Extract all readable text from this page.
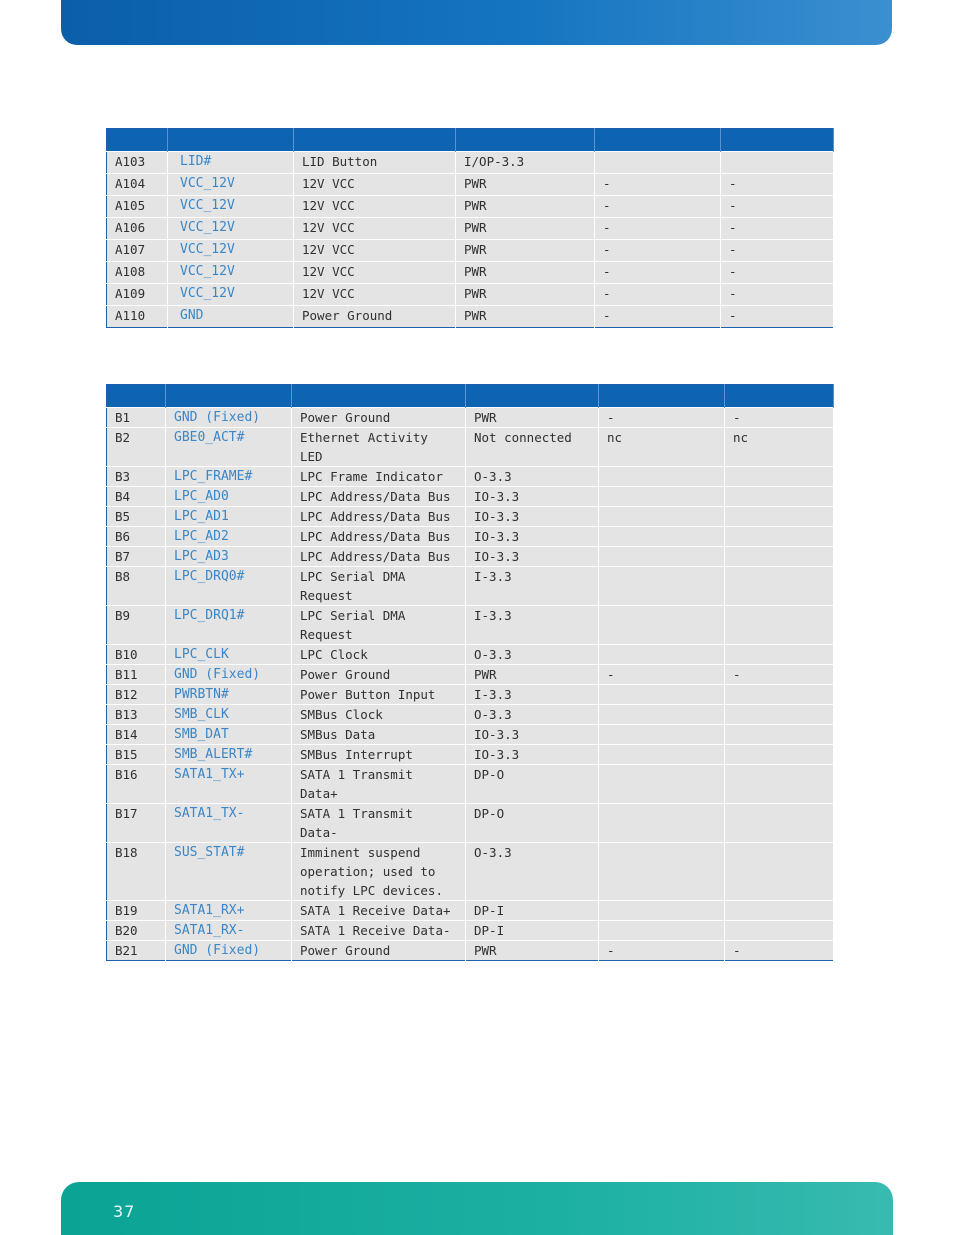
A103	LID#	LID Button	I/OP-3.3		
A104	VCC_12V	12V VCC	PWR	-	-
A105	VCC_12V	12V VCC	PWR	-	-
A106	VCC_12V	12V VCC	PWR	-	-
A107	VCC_12V	12V VCC	PWR	-	-
A108	VCC_12V	12V VCC	PWR	-	-
A109	VCC_12V	12V VCC	PWR	-	-
A110	GND	Power Ground	PWR	-	-

B1	GND (Fixed)	Power Ground	PWR	-	-
B2	GBE0_ACT#	Ethernet Activity LED	Not connected	nc	nc
B3	LPC_FRAME#	LPC Frame Indicator	O-3.3		
B4	LPC_AD0	LPC Address/Data Bus	IO-3.3		
B5	LPC_AD1	LPC Address/Data Bus	IO-3.3		
B6	LPC_AD2	LPC Address/Data Bus	IO-3.3		
B7	LPC_AD3	LPC Address/Data Bus	IO-3.3		
B8	LPC_DRQ0#	LPC Serial DMA Request	I-3.3		
B9	LPC_DRQ1#	LPC Serial DMA Request	I-3.3		
B10	LPC_CLK	LPC Clock	O-3.3		
B11	GND (Fixed)	Power Ground	PWR	-	-
B12	PWRBTN#	Power Button Input	I-3.3		
B13	SMB_CLK	SMBus Clock	O-3.3		
B14	SMB_DAT	SMBus Data	IO-3.3		
B15	SMB_ALERT#	SMBus Interrupt	IO-3.3		
B16	SATA1_TX+	SATA 1 Transmit Data+	DP-O		
B17	SATA1_TX-	SATA 1 Transmit Data-	DP-O		
B18	SUS_STAT#	Imminent suspend operation; used to notify LPC devices.	O-3.3		
B19	SATA1_RX+	SATA 1 Receive Data+	DP-I		
B20	SATA1_RX-	SATA 1 Receive Data-	DP-I		
B21	GND (Fixed)	Power Ground	PWR	-	-
37
